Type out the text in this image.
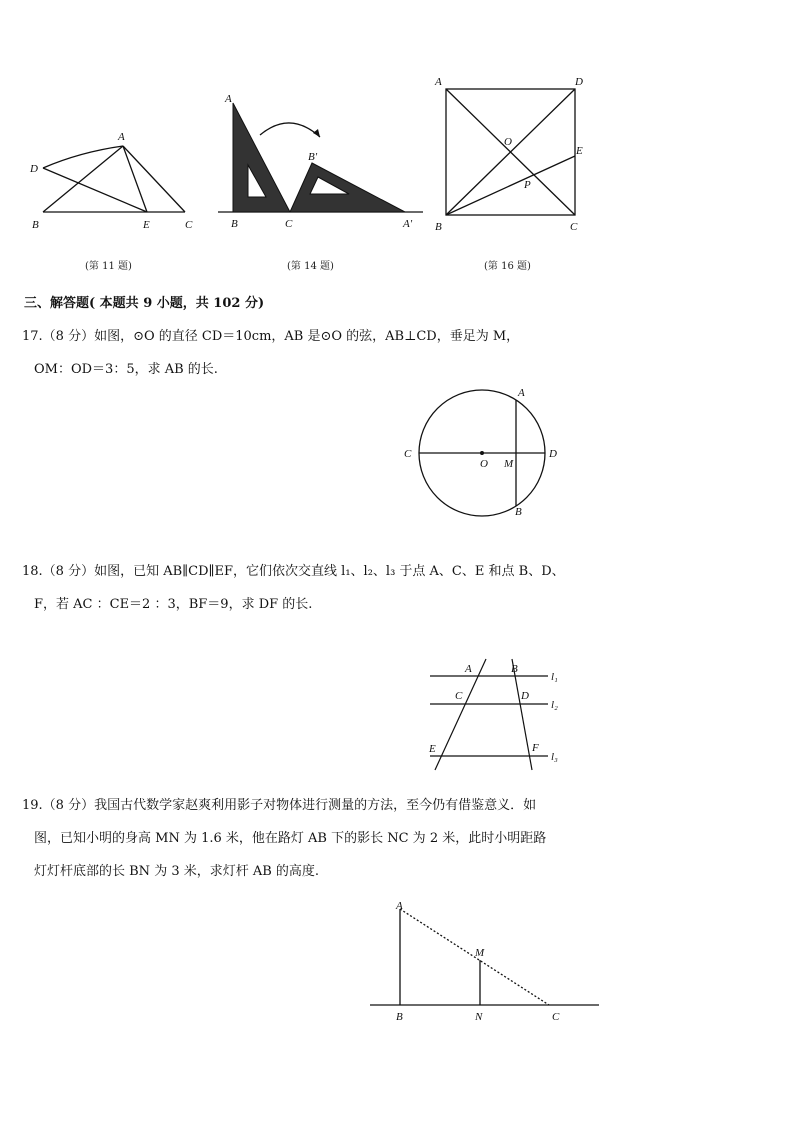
A
D
B	E	C
(第 11 题)
A
B'
B	C	A'
(第 14 题)
A	D
O
E
P
B	C
(第 16 题)
三、解答题( 本题共 9 小题，共 102 分)
17.（8 分）如图，⊙O 的直径 CD＝10cm，AB 是⊙O 的弦，AB⊥CD，垂足为 M，
OM：OD＝3：5，求 AB 的长.
A
C
O M
D
B
18.（8 分）如图，已知 AB∥CD∥EF，它们依次交直线 l₁、l₂、l₃ 于点 A、C、E 和点 B、D、
F，若 AC ：CE＝2 ：3，BF＝9，求 DF 的长.
A	B
l₁
C	D
l₂
E	F
l₃
19.（8 分）我国古代数学家赵爽利用影子对物体进行测量的方法，至今仍有借鉴意义．如
图，已知小明的身高 MN 为 1.6 米，他在路灯 AB 下的影长 NC 为 2 米，此时小明距路
灯灯杆底部的长 BN 为 3 米，求灯杆 AB 的高度.
A
M
B	N	C
